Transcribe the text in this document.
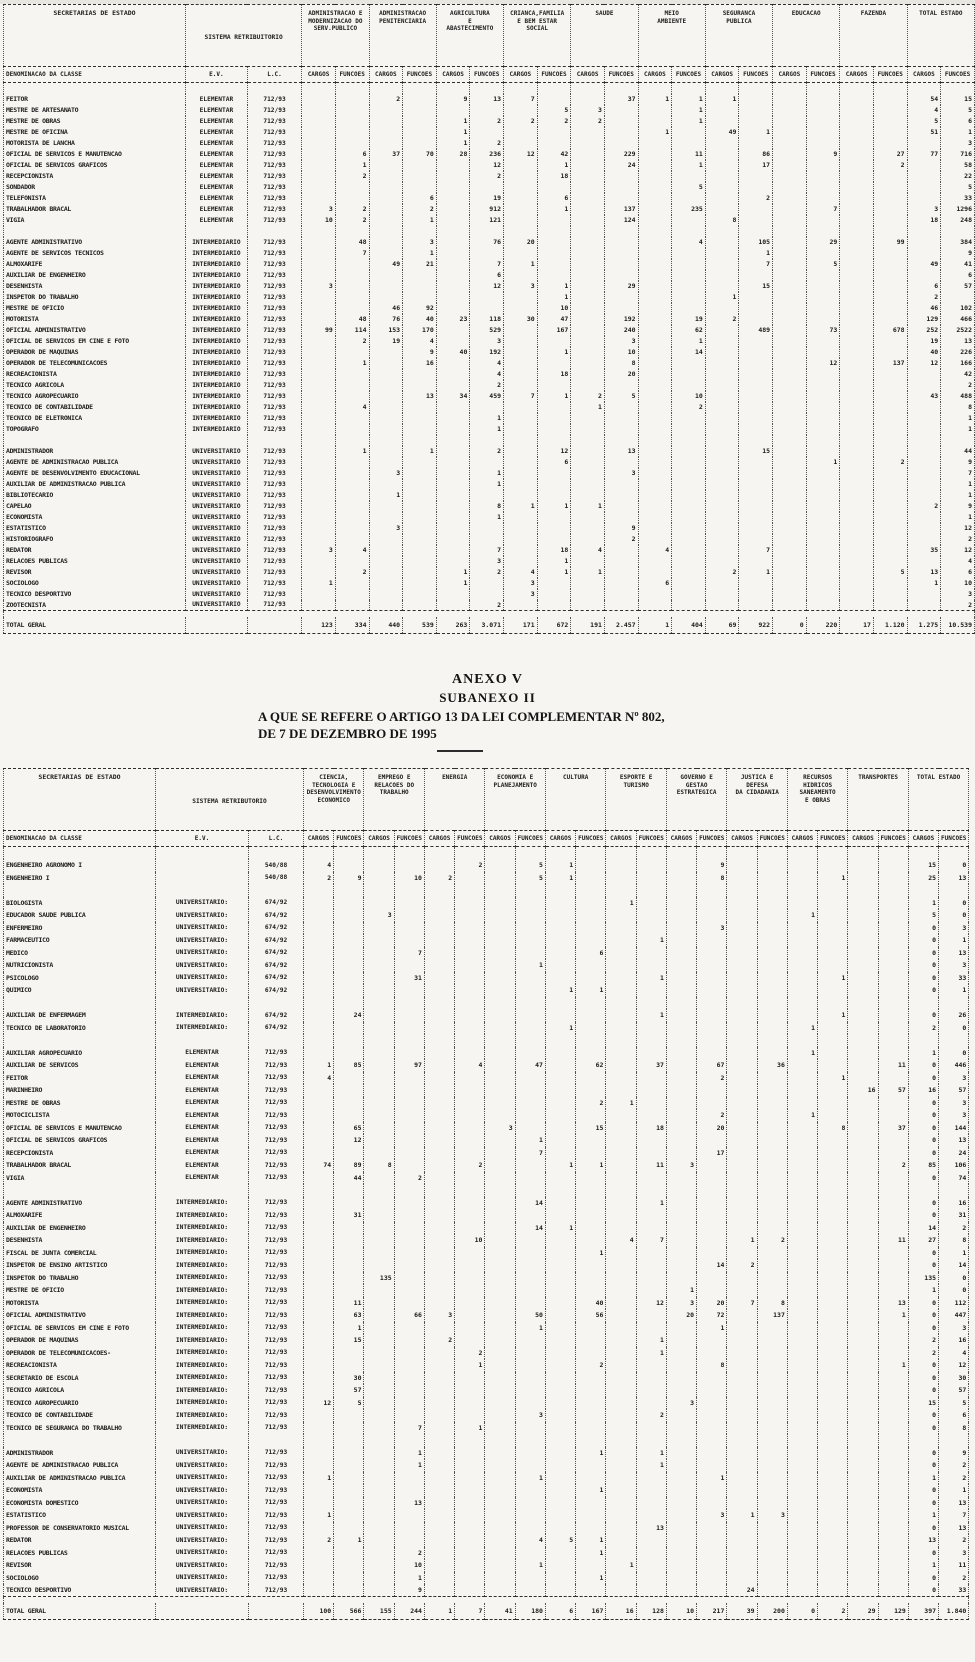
SECRETARIAS DE ESTADO	SISTEMA RETRIBUITORIO	
ADMINISTRACAO E
MODERNIZACAO DO
SERV.PUBLICO

ADMINISTRACAO
PENITENCIARIA

AGRICULTURA
E
ABASTECIMENTO

CRIANCA,FAMILIA
E BEM ESTAR
SOCIAL

SAUDE	MEIO
AMBIENTE

SEGURANCA
PUBLICA

EDUCACAO	FAZENDA	TOTAL ESTADO

DENOMINACAO DA CLASSE	E.V.	L.C.	CARGOS	FUNCOES	CARGOS	FUNCOES	CARGOS	FUNCOES	CARGOS	FUNCOES	CARGOS	FUNCOES	CARGOS	FUNCOES	CARGOS	FUNCOES	CARGOS	FUNCOES	CARGOS	FUNCOES	CARGOS	FUNCOES

FEITOR	ELEMENTAR	712/93			2		9	13	7			37	1	1	1						54	15
MESTRE DE ARTESANATO	ELEMENTAR	712/93								5	3			1							4	5
MESTRE DE OBRAS	ELEMENTAR	712/93					1	2	2	2	2			1							5	6
MESTRE DE OFICINA	ELEMENTAR	712/93					1						1		49	1					51	1
MOTORISTA DE LANCHA	ELEMENTAR	712/93					1	2														3
OFICIAL DE SERVICOS E MANUTENCAO	ELEMENTAR	712/93		6	37	70	28	236	12	42		229		11		86		9		27	77	716
OFICIAL DE SERVICOS GRAFICOS	ELEMENTAR	712/93		1				12		1		24		1		17				2		58
RECEPCIONISTA	ELEMENTAR	712/93		2				2		18												22
SONDADOR	ELEMENTAR	712/93												5								5
TELEFONISTA	ELEMENTAR	712/93				6		19		6						2						33
TRABALHADOR BRACAL	ELEMENTAR	712/93	3	2		2		912		1		137		235				7			3	1296
VIGIA	ELEMENTAR	712/93	10	2		1		121				124			8						18	248

AGENTE ADMINISTRATIVO	INTERMEDIARIO	712/93		48		3		76	20					4		105		29		99		384
AGENTE DE SERVICOS TECNICOS	INTERMEDIARIO	712/93		7		1										1						9
ALMOXARIFE	INTERMEDIARIO	712/93			49	21		7	1							7		5			49	41
AUXILIAR DE ENGENHEIRO	INTERMEDIARIO	712/93						6														6
DESENHISTA	INTERMEDIARIO	712/93	3					12	3	1		29				15					6	57
INSPETOR DO TRABALHO	INTERMEDIARIO	712/93								1					1						2	
MESTRE DE OFICIO	INTERMEDIARIO	712/93			46	92				10											46	102
MOTORISTA	INTERMEDIARIO	712/93		48	76	40	23	118	30	47		192		19	2						129	466
OFICIAL ADMINISTRATIVO	INTERMEDIARIO	712/93	99	114	153	170		529		167		240		62		489		73		678	252	2522
OFICIAL DE SERVICOS EM CINE E FOTO	INTERMEDIARIO	712/93		2	19	4		3				3		1							19	13
OPERADOR DE MAQUINAS	INTERMEDIARIO	712/93				9	40	192		1		10		14							40	226
OPERADOR DE TELECOMUNICACOES	INTERMEDIARIO	712/93		1		16		4				8						12		137	12	166
RECREACIONISTA	INTERMEDIARIO	712/93						4		18		20										42
TECNICO AGRICOLA	INTERMEDIARIO	712/93						2														2
TECNICO AGROPECUARIO	INTERMEDIARIO	712/93				13	34	459	7	1	2	5		10							43	488
TECNICO DE CONTABILIDADE	INTERMEDIARIO	712/93		4							1			2								8
TECNICO DE ELETRONICA	INTERMEDIARIO	712/93						1														1
TOPOGRAFO	INTERMEDIARIO	712/93						1														1

ADMINISTRADOR	UNIVERSITARIO	712/93		1		1		2		12		13				15						44
AGENTE DE ADMINISTRACAO PUBLICA	UNIVERSITARIO	712/93								6								1		2		9
AGENTE DE DESENVOLVIMENTO EDUCACIONAL	UNIVERSITARIO	712/93			3			1				3										7
AUXILIAR DE ADMINISTRACAO PUBLICA	UNIVERSITARIO	712/93						1														1
BIBLIOTECARIO	UNIVERSITARIO	712/93			1																	1
CAPELAO	UNIVERSITARIO	712/93						8	1	1	1										2	9
ECONOMISTA	UNIVERSITARIO	712/93						1														1
ESTATISTICO	UNIVERSITARIO	712/93			3							9										12
HISTORIOGRAFO	UNIVERSITARIO	712/93										2										2
REDATOR	UNIVERSITARIO	712/93	3	4				7		18	4		4			7					35	12
RELACOES PUBLICAS	UNIVERSITARIO	712/93						3		1												4
REVISOR	UNIVERSITARIO	712/93		2			1	2	4	1	1				2	1				5	13	6
SOCIOLOGO	UNIVERSITARIO	712/93	1				1		3				6								1	10
TECNICO DESPORTIVO	UNIVERSITARIO	712/93							3													3
ZOOTECNISTA	UNIVERSITARIO	712/93						2														2

TOTAL GERAL			123	334	440	539	263	3.071	171	672	191	2.457	1	404	69	922	0	220	17	1.120	1.275	10.539
ANEXO V
SUBANEXO II
A QUE SE REFERE O ARTIGO 13 DA LEI COMPLEMENTAR Nº 802,
DE 7 DE DEZEMBRO DE 1995
SECRETARIAS DE ESTADO	SISTEMA RETRIBUTORIO	
CIENCIA,
TECNOLOGIA E
DESENVOLVIMENTO
ECONOMICO

EMPREGO E
RELACOES DO
TRABALHO

ENERGIA	ECONOMIA E
PLANEJAMENTO

CULTURA	ESPORTE E
TURISMO

GOVERNO E
GESTAO
ESTRATEGICA

JUSTICA E
DEFESA
DA CIDADANIA

RECURSOS
HIDRICOS
SANEAMENTO
E OBRAS

TRANSPORTES	TOTAL ESTADO

DENOMINACAO DA CLASSE	E.V.	L.C.	CARGOS	FUNCOES	CARGOS	FUNCOES	CARGOS	FUNCOES	CARGOS	FUNCOES	CARGOS	FUNCOES	CARGOS	FUNCOES	CARGOS	FUNCOES	CARGOS	FUNCOES	CARGOS	FUNCOES	CARGOS	FUNCOES	CARGOS	FUNCOES

ENGENHEIRO AGRONOMO I		540/88	4					2		5	1					9							15	0
ENGENHEIRO I		540/88	2	9		10	2			5	1					8				1			25	13

BIOLOGISTA	UNIVERSITARIO:	674/92											1										1	0
EDUCADOR SAUDE PUBLICA	UNIVERSITARIO:	674/92			3														1				5	0
ENFERMEIRO	UNIVERSITARIO:	674/92														3							0	3
FARMACEUTICO	UNIVERSITARIO:	674/92												1									0	1
MEDICO	UNIVERSITARIO:	674/92				7						6											0	13
NUTRICIONISTA	UNIVERSITARIO:	674/92								1													0	3
PSICOLOGO	UNIVERSITARIO:	674/92				31								1						1			0	33
QUIMICO	UNIVERSITARIO:	674/92									1	1											0	1

AUXILIAR DE ENFERMAGEM	INTERMEDIARIO:	674/92		24										1						1			0	26
TECNICO DE LABORATORIO	INTERMEDIARIO:	674/92									1								1				2	0

AUXILIAR AGROPECUARIO	ELEMENTAR	712/93																	1				1	0
AUXILIAR DE SERVICOS	ELEMENTAR	712/93	1	85		97		4		47		62		37		67		36				11	0	446
FEITOR	ELEMENTAR	712/93	4													2				1			0	3
MARINHEIRO	ELEMENTAR	712/93																			16	57	16	57
MESTRE DE OBRAS	ELEMENTAR	712/93										2	1										0	3
MOTOCICLISTA	ELEMENTAR	712/93														2			1				0	3
OFICIAL DE SERVICOS E MANUTENCAO	ELEMENTAR	712/93		65					3			15		18		20				8		37	0	144
OFICIAL DE SERVICOS GRAFICOS	ELEMENTAR	712/93		12						1													0	13
RECEPCIONISTA	ELEMENTAR	712/93								7						17							0	24
TRABALHADOR BRACAL	ELEMENTAR	712/93	74	89	8			2			1	1		11	3							2	85	106
VIGIA	ELEMENTAR	712/93		44		2																	0	74

AGENTE ADMINISTRATIVO	INTERMEDIARIO:	712/93								14				1									0	16
ALMOXARIFE	INTERMEDIARIO:	712/93		31																			0	31
AUXILIAR DE ENGENHEIRO	INTERMEDIARIO:	712/93								14	1												14	2
DESENHISTA	INTERMEDIARIO:	712/93						10					4	7			1	2				11	27	8
FISCAL DE JUNTA COMERCIAL	INTERMEDIARIO:	712/93										1											0	1
INSPETOR DE ENSINO ARTISTICO	INTERMEDIARIO:	712/93														14	2						0	14
INSPETOR DO TRABALHO	INTERMEDIARIO:	712/93			135																		135	0
MESTRE DE OFICIO	INTERMEDIARIO:	712/93													1								1	0
MOTORISTA	INTERMEDIARIO:	712/93		11								40		12	3	20	7	8				13	0	112
OFICIAL ADMINISTRATIVO	INTERMEDIARIO:	712/93		63		66	3			50		56			20	72		137				1	0	447
OFICIAL DE SERVICOS EM CINE E FOTO	INTERMEDIARIO:	712/93		1						1						1							0	3
OPERADOR DE MAQUINAS	INTERMEDIARIO:	712/93		15			2							1									2	16
OPERADOR DE TELECOMUNICACOES-	INTERMEDIARIO:	712/93						2						1									2	4
RECREACIONISTA	INTERMEDIARIO:	712/93						1				2				8						1	0	12
SECRETARIO DE ESCOLA	INTERMEDIARIO:	712/93		30																			0	30
TECNICO AGRICOLA	INTERMEDIARIO:	712/93		57																			0	57
TECNICO AGROPECUARIO	INTERMEDIARIO:	712/93	12	5											3								15	5
TECNICO DE CONTABILIDADE	INTERMEDIARIO:	712/93								3				2									0	6
TECNICO DE SEGURANCA DO TRABALHO	INTERMEDIARIO:	712/93				7		1															0	8

ADMINISTRADOR	UNIVERSITARIO:	712/93				1						1		1									0	9
AGENTE DE ADMINISTRACAO PUBLICA	UNIVERSITARIO:	712/93				1								1									0	2
AUXILIAR DE ADMINISTRACAO PUBLICA	UNIVERSITARIO:	712/93	1							1						1							1	2
ECONOMISTA	UNIVERSITARIO:	712/93										1											0	1
ECONOMISTA DOMESTICO	UNIVERSITARIO:	712/93				13																	0	13
ESTATISTICO	UNIVERSITARIO:	712/93	1													3	1	3					1	7
PROFESSOR DE CONSERVATORIO MUSICAL	UNIVERSITARIO:	712/93												13									0	13
REDATOR	UNIVERSITARIO:	712/93	2	1						4	5	1											13	2
RELACOES PUBLICAS	UNIVERSITARIO:	712/93				2						1											0	3
REVISOR	UNIVERSITARIO:	712/93				10				1			1										1	11
SOCIOLOGO	UNIVERSITARIO:	712/93				1						1											0	2
TECNICO DESPORTIVO	UNIVERSITARIO:	712/93				9											24						0	33

TOTAL GERAL			100	566	155	244	1	7	41	180	6	167	16	128	10	217	39	200	0	2	29	129	397	1.840
